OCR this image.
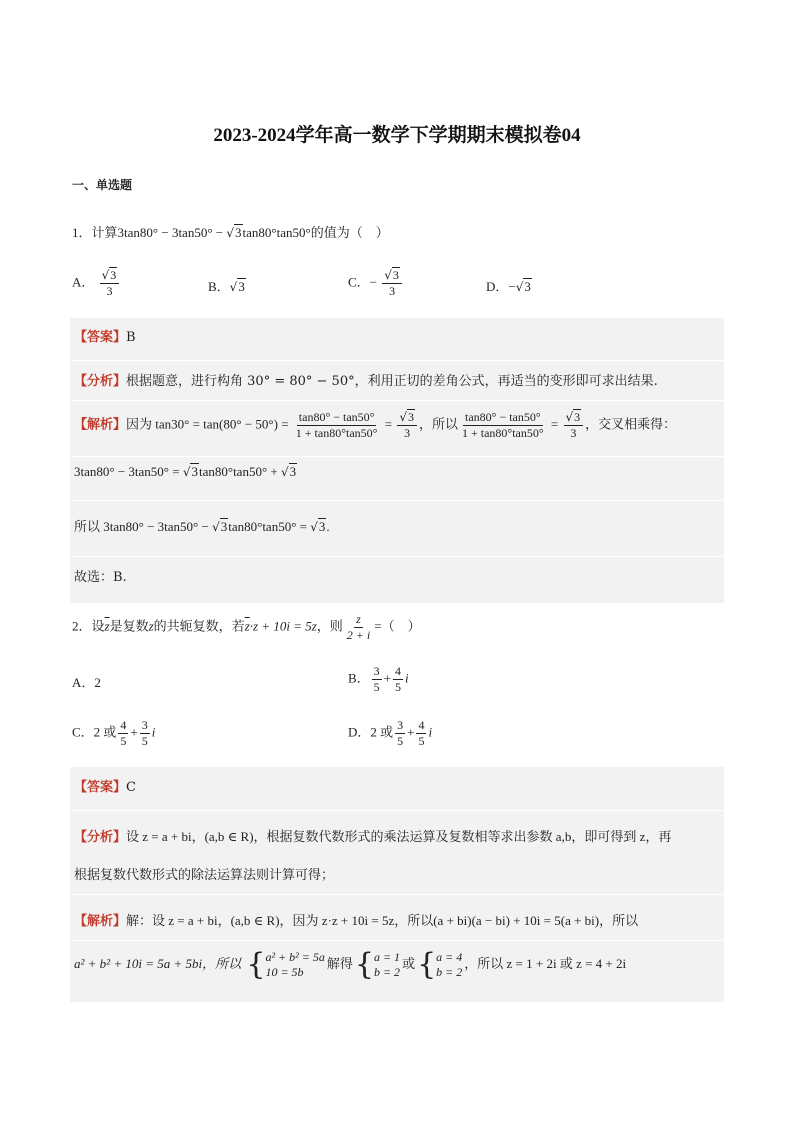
2023-2024学年高一数学下学期期末模拟卷04
一、单选题
1．计算3tan80° − 3tan50° − √3tan80°tan50°的值为（　）
A． $\frac{√3}{3}$	B．√3	C．− $\frac{√3}{3}$	D．−√3
【答案】B
【分析】根据题意，进行构角 30° = 80° − 50°，利用正切的差角公式，再适当的变形即可求出结果.
【解析】因为 $\tan 30^\circ = \tan(80^\circ - 50^\circ) = \frac{\tan 80^\circ - \tan 50^\circ}{1 + \tan 80^\circ\tan 50^\circ} = \frac{√3}{3}$ ，所以 $\frac{\tan 80^\circ - \tan 50^\circ}{1 + \tan 80^\circ\tan 50^\circ} = \frac{√3}{3}$ ，交叉相乘得：
3tan80° − 3tan50° = √3tan80°tan50° + √3
所以 3tan80° − 3tan50° − √3tan80°tan50° = √3.
故选：B.
2．设$\overline{z}$是复数z的共轭复数，若$\overline{z}\cdot z + 10i = 5z$，则 $\frac{z}{2 + i}$ =（　）
A．2	B． $\frac{3}{5} + \frac{4}{5}$ i
C．2 或 $\frac{4}{5} + \frac{3}{5}$ i	D．2 或 $\frac{3}{5} + \frac{4}{5}$ i
【答案】C
【分析】设 z = a + bi，(a,b ∈ R)，根据复数代数形式的乘法运算及复数相等求出参数 a,b，即可得到 z，再
根据复数代数形式的除法运算法则计算可得；
【解析】解：设 z = a + bi，(a,b ∈ R)，因为 z·z + 10i = 5z，所以(a + bi)(a − bi) + 10i = 5(a + bi)，所以
a² + b² + 10i = 5a + 5bi，所以 { a² + b² = 5a
10 = 5b
解得 { a = 1
b = 2
或 { a = 4
b = 2
，所以 z = 1 + 2i 或 z = 4 + 2i
